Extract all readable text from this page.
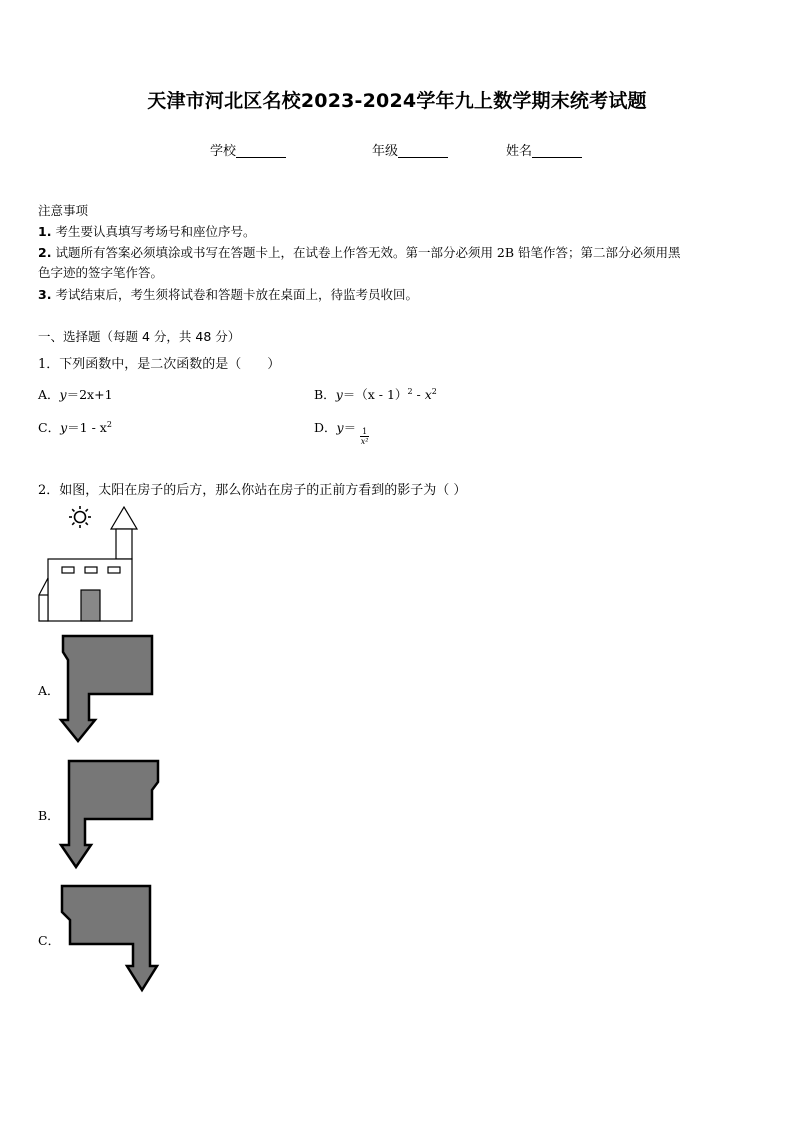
天津市河北区名校2023-2024学年九上数学期末统考试题
学校	年级	姓名
注意事项
1. 考生要认真填写考场号和座位序号。
2. 试题所有答案必须填涂或书写在答题卡上，在试卷上作答无效。第一部分必须用 2B 铅笔作答；第二部分必须用黑
色字迹的签字笔作答。
3. 考试结束后，考生须将试卷和答题卡放在桌面上，待监考员收回。
一、选择题（每题 4 分，共 48 分）
1．下列函数中，是二次函数的是（　　）
A．y＝2x+1	B．$y=(x - 1)^2 - x^2$
C．$y=1 - x^2$	D．$y= \frac{1}{\text{x²}}$
2．如图，太阳在房子的后方，那么你站在房子的正前方看到的影子为（ ）
A．
B．
C．
